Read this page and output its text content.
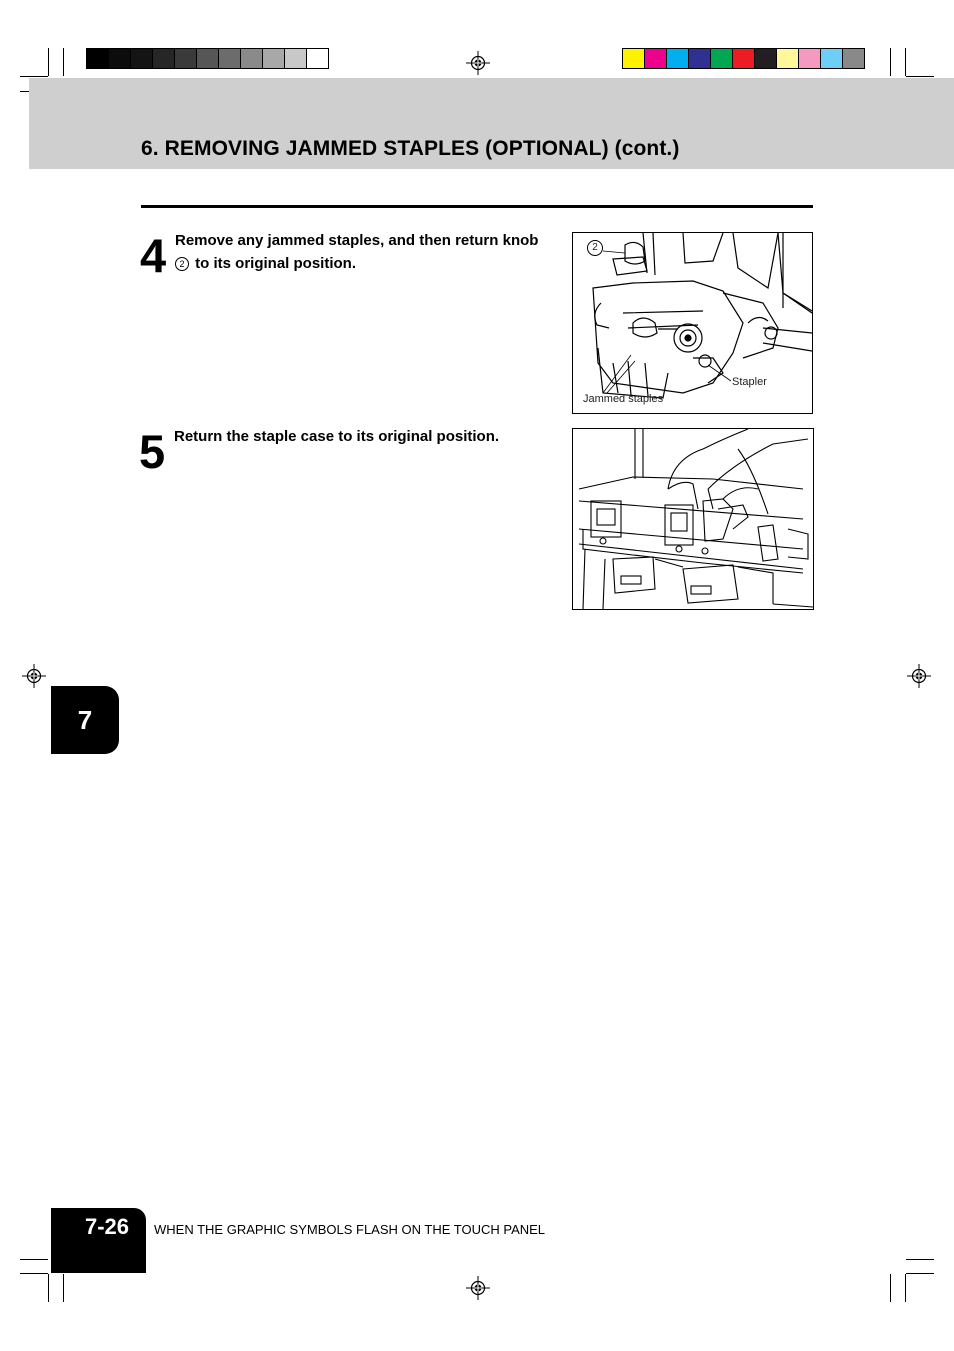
6. REMOVING JAMMED STAPLES (OPTIONAL) (cont.)
4 Remove any jammed staples, and then return knob
2 to its original position.
2
Stapler
Jammed staples
5 Return the staple case to its original position.
7
7-26	WHEN THE GRAPHIC SYMBOLS FLASH ON THE TOUCH PANEL
